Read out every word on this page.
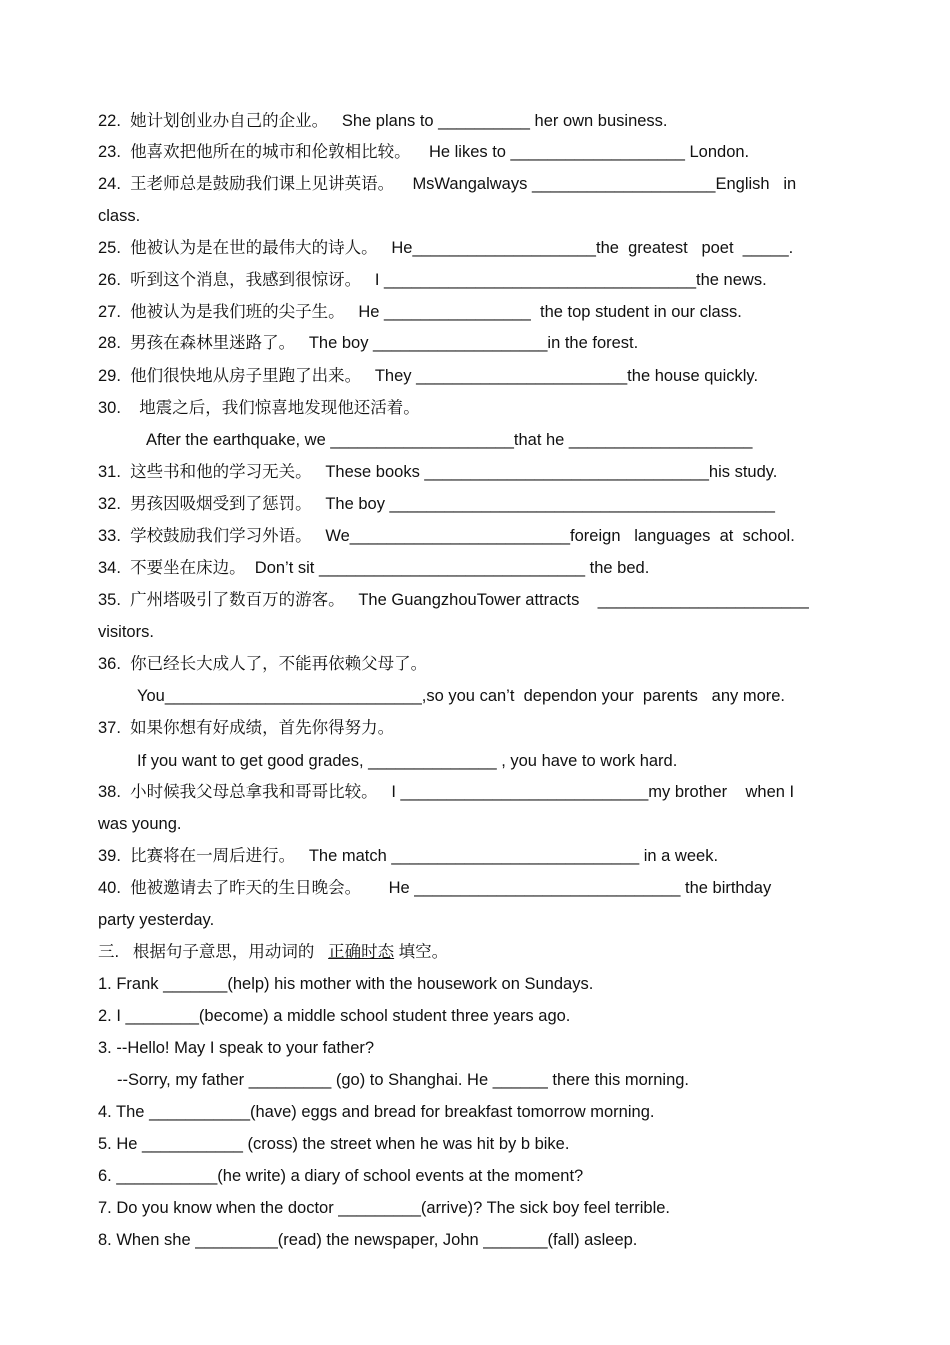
22.  她计划创业办自己的企业。   She plans to __________ her own business.
23.  他喜欢把他所在的城市和伦敦相比较。    He likes to ___________________ London.
24.  王老师总是鼓励我们课上见讲英语。    MsWangalways ____________________English   in
class.
25.  他被认为是在世的最伟大的诗人。   He____________________the  greatest   poet  _____.
26.  听到这个消息，我感到很惊讶。   I __________________________________the news.
27.  他被认为是我们班的尖子生。   He ________________  the top student in our class.
28.  男孩在森林里迷路了。   The boy ___________________in the forest.
29.  他们很快地从房子里跑了出来。   They _______________________the house quickly.
30.    地震之后，我们惊喜地发现他还活着。
After the earthquake, we ____________________that he ____________________
31.  这些书和他的学习无关。   These books _______________________________his study.
32.  男孩因吸烟受到了惩罚。   The boy __________________________________________
33.  学校鼓励我们学习外语。   We________________________foreign   languages  at  school.
34.  不要坐在床边。  Don’t sit _____________________________ the bed.
35.  广州塔吸引了数百万的游客。   The GuangzhouTower attracts    _______________________
visitors.
36.  你已经长大成人了，不能再依赖父母了。
You____________________________,so you can’t  dependon your  parents   any more.
37.  如果你想有好成绩，首先你得努力。
If you want to get good grades, ______________ , you have to work hard.
38.  小时候我父母总拿我和哥哥比较。   I ___________________________my brother    when I
was young.
39.  比赛将在一周后进行。   The match ___________________________ in a week.
40.  他被邀请去了昨天的生日晚会。      He _____________________________ the birthday
party yesterday.
三.   根据句子意思，用动词的   正确时态 填空。
1. Frank _______(help) his mother with the housework on Sundays.
2. I ________(become) a middle school student three years ago.
3. --Hello! May I speak to your father?
--Sorry, my father _________ (go) to Shanghai. He ______ there this morning.
4. The ___________(have) eggs and bread for breakfast tomorrow morning.
5. He ___________ (cross) the street when he was hit by b bike.
6. ___________(he write) a diary of school events at the moment?
7. Do you know when the doctor _________(arrive)? The sick boy feel terrible.
8. When she _________(read) the newspaper, John _______(fall) asleep.
